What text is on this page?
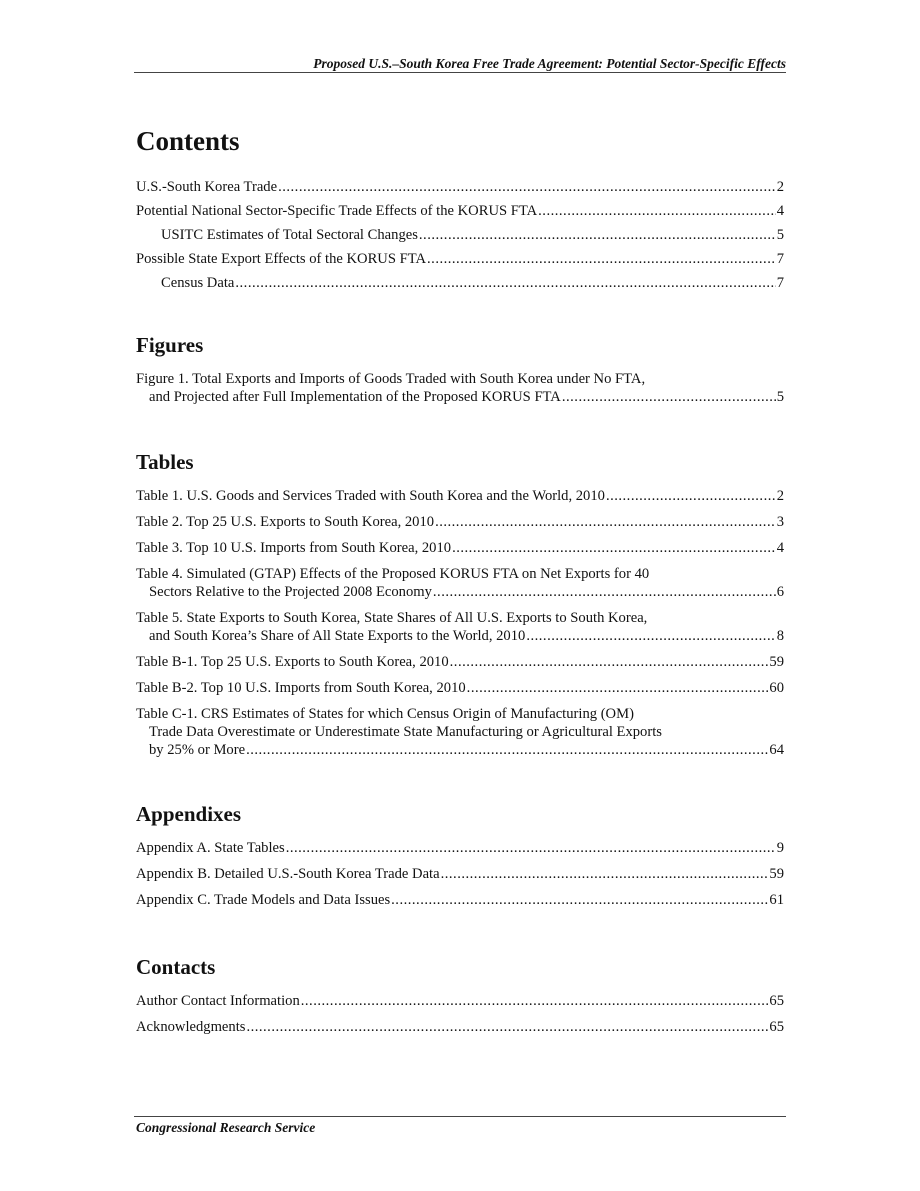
Proposed U.S.–South Korea Free Trade Agreement: Potential Sector-Specific Effects
Contents
U.S.-South Korea Trade .....	2
Potential National Sector-Specific Trade Effects of the KORUS FTA .....	4
USITC Estimates of Total Sectoral Changes .....	5
Possible State Export Effects of the KORUS FTA .....	7
Census Data .....	7
Figures
Figure 1. Total Exports and Imports of Goods Traded with South Korea under No FTA,
and Projected after Full Implementation of the Proposed KORUS FTA .....	5
Tables
Table 1. U.S. Goods and Services Traded with South Korea and the World, 2010 .....	2
Table 2. Top 25 U.S. Exports to South Korea, 2010 .....	3
Table 3. Top 10 U.S. Imports from South Korea, 2010 .....	4
Table 4. Simulated (GTAP) Effects of the Proposed KORUS FTA on Net Exports for 40
Sectors Relative to the Projected 2008 Economy .....	6
Table 5. State Exports to South Korea, State Shares of All U.S. Exports to South Korea,
and South Korea’s Share of All State Exports to the World, 2010 .....	8
Table B-1. Top 25 U.S. Exports to South Korea, 2010 .....	59
Table B-2. Top 10 U.S. Imports from South Korea, 2010 .....	60
Table C-1. CRS Estimates of States for which Census Origin of Manufacturing (OM)
Trade Data Overestimate or Underestimate State Manufacturing or Agricultural Exports
by 25% or More .....	64
Appendixes
Appendix A. State Tables .....	9
Appendix B. Detailed U.S.-South Korea Trade Data .....	59
Appendix C. Trade Models and Data Issues .....	61
Contacts
Author Contact Information .....	65
Acknowledgments .....	65
Congressional Research Service
